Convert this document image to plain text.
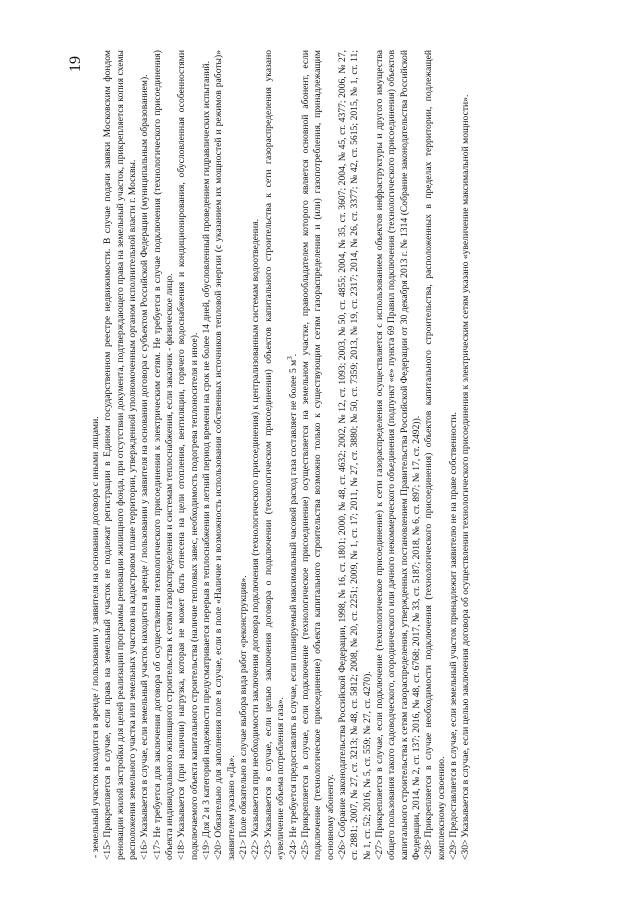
19

- земельный участок находится в аренде / пользовании у заявителя на основании договора с иными лицами. <15>Прикрепляется в случае, если права на земельный участок не подлежат регистрации в Едином государственном реестре недвижимости. В случае подачи заявки Московским фондом реновации жилой застройки для целей реализации программы реновации жилищного фонда, при отсутствии документа, подтверждающего права на земельный участок, прикрепляется копия схемы расположения земельного участка или земельных участков на кадастровом плане территории, утвержденной уполномоченным органом исполнительной власти г. Москвы. <16>Указывается в случае, если земельный участок находится в аренде / пользовании у заявителя на основании договора с субъектом Российской Федерации (муниципальным образованием).

<17>Не требуется для заключения договора об осуществлении технологического присоединения к электрическим сетям. Не требуется в случае подключения (технологического присоединения) объекта индивидуального жилищного строительства к сетям газораспределения и системам теплоснабжения, если заказчик - физическое лицо. <18>Указывается (при наличии) нагрузка, которая не может быть отнесена на цели отопления, вентиляции, горячего водоснабжения и кондиционирования, обусловленная особенностями подключаемого объекта капитального строительства (наличие тепловых завес, необходимость подогрева теплоносителя и иное). <19>Для 2 и 3 категорий надежности предусматривается перерыв в теплоснабжении в летний период времени на срок не более 14 дней, обусловленный проведением гидравлических испытаний.

<20>Обязательно для заполнения поле в случае, если в поле «Наличие и возможность использования собственных источников тепловой энергии (с указанием их мощностей и режимов работы)» заявителем указано «Да». <21>Поле обязательно в случае выбора вида работ «реконструкция».

<22>Указывается при необходимости заключения договора подключения (технологического присоединения) к централизованным системам водоотведения.

<23>Указывается в случае, если целью заключения договора о подключении (технологическом присоединении) объектов капитального строительства к сети газораспределения указано «увеличение объема потребления газа». <24>Не требуется предоставлять в случае, если планируемый максимальный часовой расход газа составляет не более 5 $м^3$.

<25>Прикрепляется в случае, если подключение (технологическое присоединение) осуществляется на земельном участке, правообладателем которого является основной абонент, если подключение (технологическое присоединение) объекта капитального строительства возможно только к существующим сетям газораспределения и (или) газопотребления, принадлежащим основному абоненту. <26>Собрание законодательства Российской Федерации, 1998, № 16, ст. 1801; 2000, № 48, ст. 4632; 2002, № 12, ст. 1093; 2003, № 50, ст. 4855; 2004, № 35, ст. 3607; 2004, № 45, ст. 4377; 2006, № 27, ст. 2881; 2007, № 27, ст. 3213; № 48, ст. 5812; 2008, № 20, ст. 2251; 2009, № 1, ст. 17; 2011, № 27, ст. 3880; № 50, ст. 7359; 2013, № 19, ст. 2317; 2014, № 26, ст. 3377; № 42, ст. 5615; 2015, № 1, ст. 11; № 1, ст. 52; 2016, № 5, ст. 559; № 27, ст. 4270). <27>Прикрепляется в случае, если подключение (технологическое присоединение) к сети газораспределения осуществляется с использованием объектов инфраструктуры и другого имущества общего пользования такого садоводческого, огороднического или дачного некоммерческого объединения (подпункт «е» пункта 69 Правил подключения (технологического присоединения) объектов капитального строительства к сетям газораспределения, утвержденных постановлением Правительства Российской Федерации от 30 декабря 2013 г. № 1314 (Собрание законодательства Российской Федерации, 2014, № 2, ст. 137; 2016, № 48, ст. 6768; 2017, № 33, ст. 5187; 2018, № 6, ст. 897; № 17, ст. 2492)). <28>Прикрепляется в случае необходимости подключения (технологического присоединения) объектов капитального строительства, расположенных в пределах территории, подлежащей комплексному освоению. <29>Предоставляется в случае, если земельный участок принадлежит заявителю не на праве собственности.

<30>Указывается в случае, если целью заключения договора об осуществлении технологического присоединения к электрическим сетям указано «увеличение максимальной мощности».
